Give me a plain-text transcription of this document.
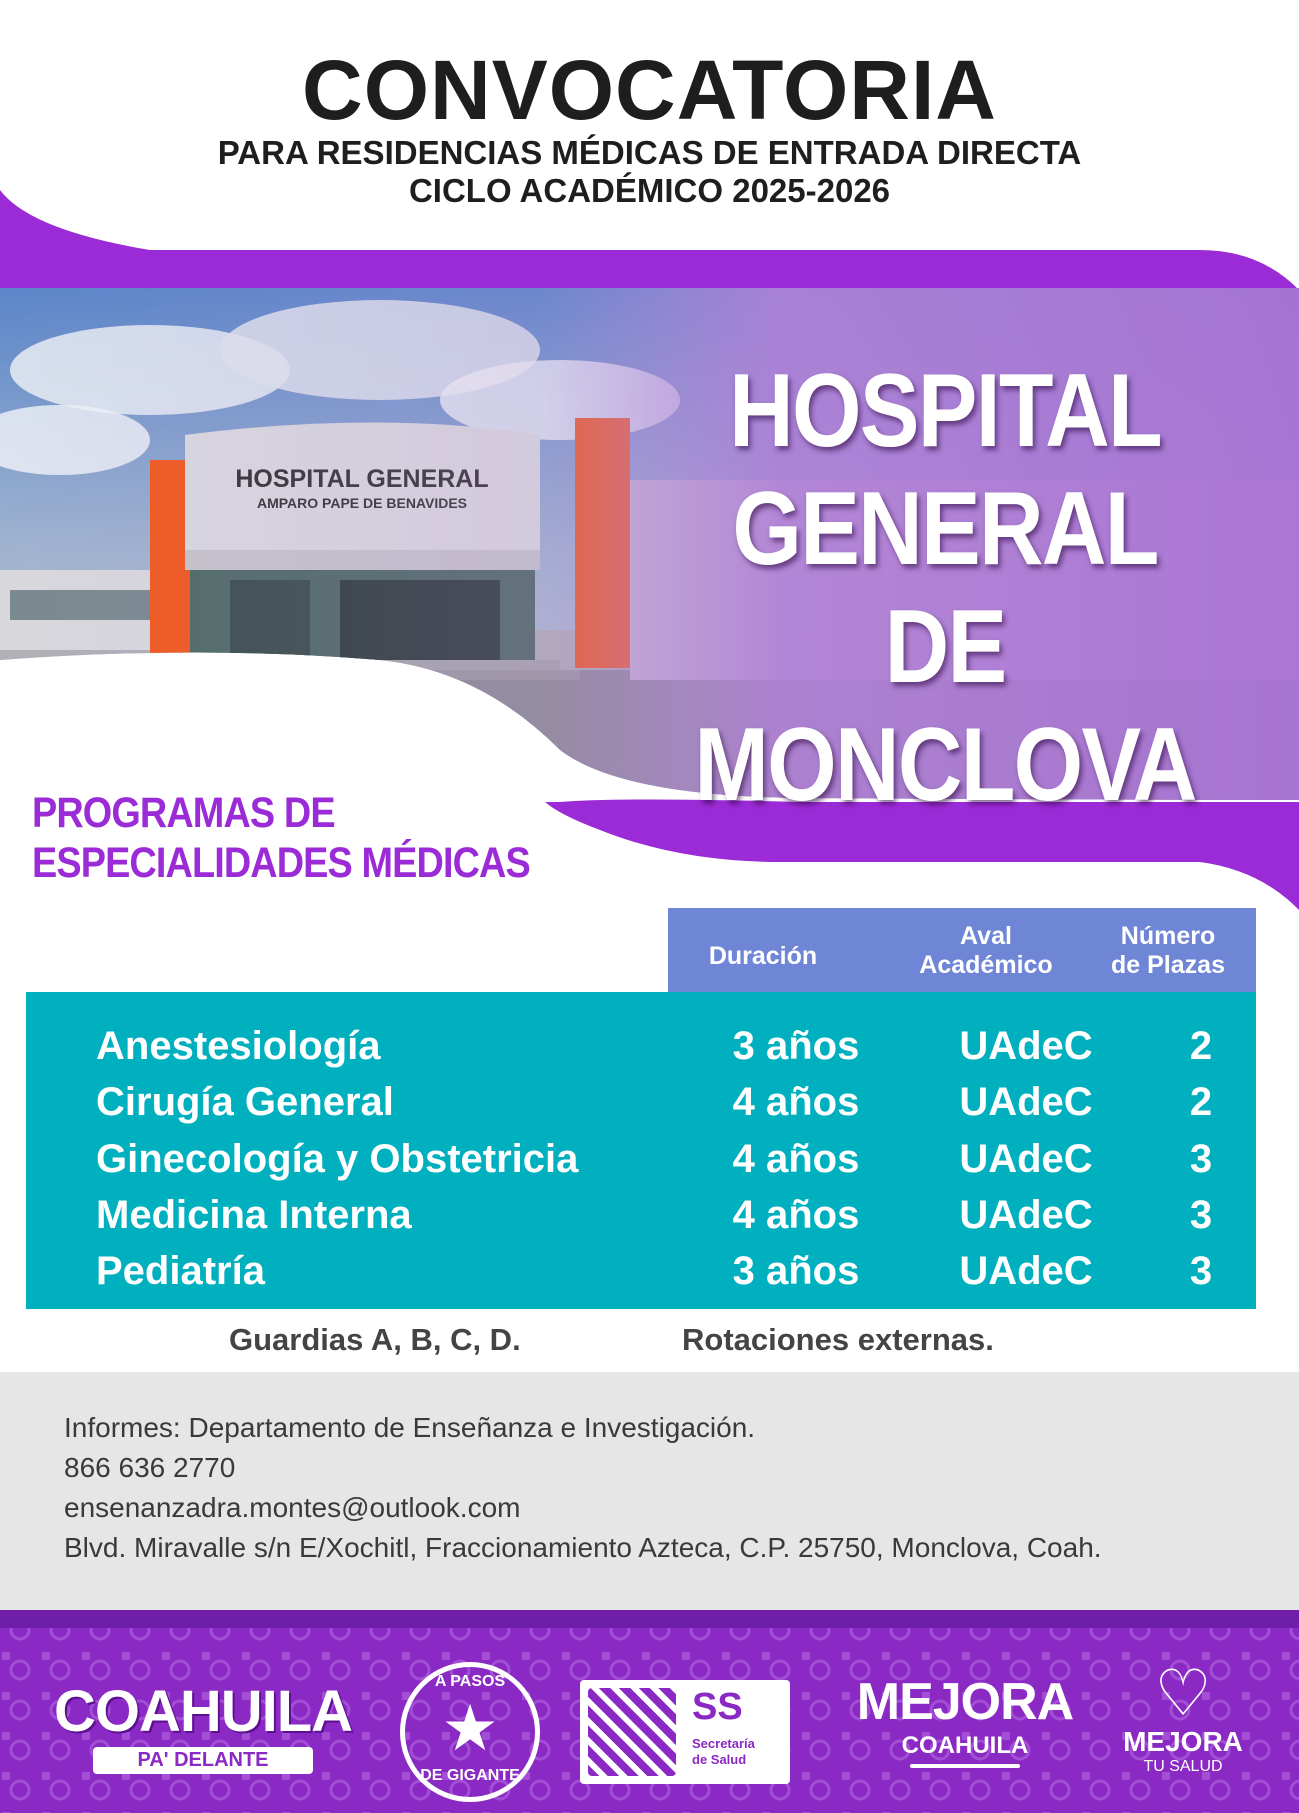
CONVOCATORIA
PARA RESIDENCIAS MÉDICAS DE ENTRADA DIRECTA
CICLO ACADÉMICO 2025-2026
HOSPITAL
GENERAL DE
MONCLOVA
PROGRAMAS DE
ESPECIALIDADES MÉDICAS
Duración
Aval
Académico
Número
de Plazas
Anestesiología	3 años	UAdeC	2
Cirugía General	4 años	UAdeC	2
Ginecología y Obstetricia	4 años	UAdeC	3
Medicina Interna	4 años	UAdeC	3
Pediatría	3 años	UAdeC	3
Guardias A, B, C, D.	Rotaciones externas.
Informes: Departamento de Enseñanza e Investigación.
866 636 2770
ensenanzadra.montes@outlook.com
Blvd. Miravalle s/n E/Xochitl, Fraccionamiento Azteca, C.P. 25750, Monclova, Coah.
COAHUILA
PA' DELANTE
A PASOS
★
DE GIGANTE
SS
Secretaría
de Salud
MEJORA
COAHUILA
♡
MEJORA
TU SALUD
